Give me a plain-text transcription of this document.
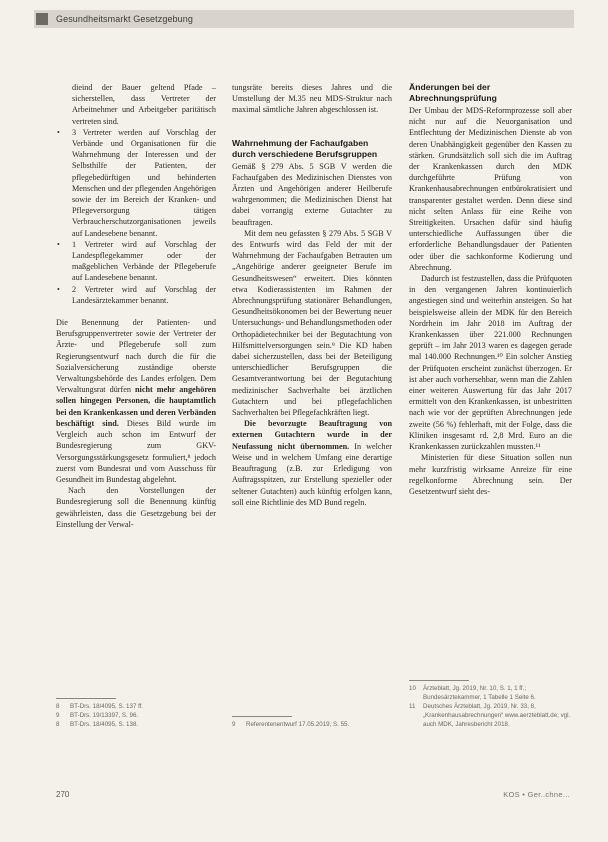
Gesundheitsmarkt Gesetzgebung

dieind der Bauer geltend Pfade – sicherstellen, dass Vertreter der Arbeitnehmer und Arbeitgeber paritätisch vertreten sind.

• 3 Vertreter werden auf Vorschlag der Verbände und Organisationen für die Wahrnehmung der Interessen und der Selbsthilfe der Patienten, der pflegebedürftigen und behinderten Menschen und der pflegenden Angehörigen sowie der im Bereich der Kranken- und Pflegeversorgung tätigen Verbraucherschutzorganisationen jeweils auf Landesebene benannt.
• 1 Vertreter wird auf Vorschlag der Landespflegekammer oder der maßgeblichen Verbände der Pflegeberufe auf Landesebene benannt.
• 2 Vertreter wird auf Vorschlag der Landesärztekammer benannt.

Die Benennung der Patienten- und Berufsgruppenvertreter sowie der Vertreter der Ärzte- und Pflegeberufe soll zum Regierungsentwurf nach durch die für die Sozialversicherung zuständige oberste Verwaltungsbehörde des Landes erfolgen. Dem Verwaltungsrat dürfen nicht mehr angehören sollen hingegen Personen, die hauptamtlich bei den Krankenkassen und deren Verbänden beschäftigt sind. Dieses Bild wurde im Vergleich auch schon im Entwurf der Bundesregierung zum GKV-Versorgungsstärkungsgesetz formuliert,⁸ jedoch zuerst vom Bundesrat und vom Ausschuss für Gesundheit im Bundestag abgelehnt.

Nach den Vorstellungen der Bundesregierung soll die Benennung künftig gewährleisten, dass die Gesetzgebung bei der Einstellung der Verwal-

tungsräte bereits dieses Jahres und die Umstellung der M.35 neu MDS-Struktur nach maximal sämtliche Jahren abgeschlossen ist.

Wahrnehmung der Fachaufgaben durch verschiedene Berufsgruppen

Gemäß § 279 Abs. 5 SGB V werden die Fachaufgaben des Medizinischen Dienstes von Ärzten und Angehörigen anderer Heilberufe wahrgenommen; die Medizinischen Dienst hat dabei vorrangig externe Gutachter zu beauftragen.

Mit dem neu gefassten § 279 Abs. 5 SGB V des Entwurfs wird das Feld der mit der Wahrnehmung der Fachaufgaben Betrauten um „Angehörige anderer geeigneter Berufe im Gesundheitswesen“ erweitert. Dies könnten etwa Kodierassistenten im Rahmen der Abrechnungsprüfung stationärer Behandlungen, Gesundheitsökonomen bei der Bewertung neuer Untersuchungs- und Behandlungsmethoden oder Orthopädietechniker bei der Begutachtung von Hilfsmittelversorgungen sein.⁹ Die KD haben dabei sicherzustellen, dass bei der Beteiligung unterschiedlicher Berufsgruppen die Gesamtverantwortung bei der Begutachtung medizinischer Sachverhalte bei ärztlichen Gutachtern und bei pflegefachlichen Sachverhalten bei Pflegefachkräften liegt.

Die bevorzugte Beauftragung von externen Gutachtern wurde in der Neufassung nicht übernommen. In welcher Weise und in welchem Umfang eine derartige Beauftragung (z.B. zur Erledigung von Auftragsspitzen, zur Erstellung spezieller oder seltener Gutachten) auch künftig erfolgen kann, soll eine Richtlinie des MD Bund regeln.

Änderungen bei der Abrechnungsprüfung

Der Umbau der MDS-Reformprozesse soll aber nicht nur auf die Neuorganisation und Entflechtung der Medizinischen Dienste ab von deren Unabhängigkeit gegenüber den Kassen zu stärken. Grundsätzlich soll sich die im Auftrag der Krankenkassen durch den MDK durchgeführte Prüfung von Krankenhausabrechnungen entbürokratisiert und transparenter gestaltet werden. Denn diese sind nicht selten Anlass für eine Reihe von Streitigkeiten. Ursachen dafür sind häufig unterschiedliche Auffassungen über die erforderliche Behandlungsdauer der Patienten oder über die sachkonforme Kodierung und Abrechnung.

Dadurch ist festzustellen, dass die Prüfquoten in den vergangenen Jahren kontinuierlich angestiegen sind und weiterhin ansteigen. So hat beispielsweise allein der MDK für den Bereich Nordrhein im Jahr 2018 im Auftrag der Krankenkassen über 221.000 Rechnungen geprüft – im Jahr 2013 waren es dagegen gerade mal 140.000 Rechnungen.¹⁰ Ein solcher Anstieg der Prüfquoten erscheint zunächst überzogen. Er ist aber auch vorhersehbar, wenn man die Zahlen einer weiteren Auswertung für das Jahr 2017 ermittelt von den Krankenkassen, ist unbestritten nach wie vor der geprüften Abrechnungen jede zweite (56 %) fehlerhaft, mit der Folge, dass die Kliniken insgesamt rd. 2,8 Mrd. Euro an die Krankenkassen zurückzahlen mussten.¹¹

Ministerien für diese Situation sollen nun mehr kurzfristig wirksame Anreize für eine regelkonforme Abrechnung sein. Der Gesetzentwurf sieht des-

8	BT-Drs. 18/4095, S. 137 ff.
9	BT-Drs. 19/13397, S. 96.
8	BT-Drs. 18/4095, S. 138.	9	Referentenentwurf 17.05.2019, S. 55.
10	Ärzteblatt, Jg. 2019, Nr. 10, S. 1, 1 ff.; Bundesärztekammer, 1 Tabelle 1 Seite 6.
11	Deutsches Ärzteblatt, Jg. 2019, Nr. 33, 8, „Krankenhausabrechnungen“ www.aerzteblatt.de; vgl. auch MDK, Jahresbericht 2018.
270	KOS • Ger..chne...
